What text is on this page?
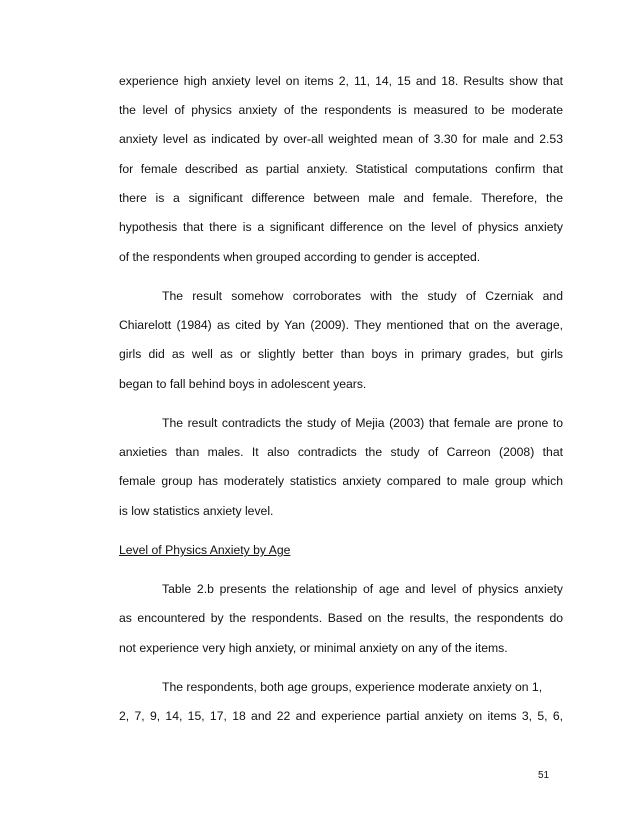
experience high anxiety level on items 2, 11, 14, 15 and 18. Results show that
the level of physics anxiety of the respondents is measured to be moderate
anxiety level as indicated by over-all weighted mean of 3.30 for male and 2.53
for female described as partial anxiety. Statistical computations confirm that
there is a significant difference between male and female. Therefore, the
hypothesis that there is a significant difference on the level of physics anxiety
of the respondents when grouped according to gender is accepted.
The result somehow corroborates with the study of Czerniak and
Chiarelott (1984) as cited by Yan (2009). They mentioned that on the average,
girls did as well as or slightly better than boys in primary grades, but girls
began to fall behind boys in adolescent years.
The result contradicts the study of Mejia (2003) that female are prone to
anxieties than males. It also contradicts the study of Carreon (2008) that
female group has moderately statistics anxiety compared to male group which
is low statistics anxiety level.
Level of Physics Anxiety by Age
Table 2.b presents the relationship of age and level of physics anxiety
as encountered by the respondents. Based on the results, the respondents do
not experience very high anxiety, or minimal anxiety on any of the items.
The respondents, both age groups, experience moderate anxiety on 1,
2, 7, 9, 14, 15, 17, 18 and 22 and experience partial anxiety on items 3, 5, 6,
51
